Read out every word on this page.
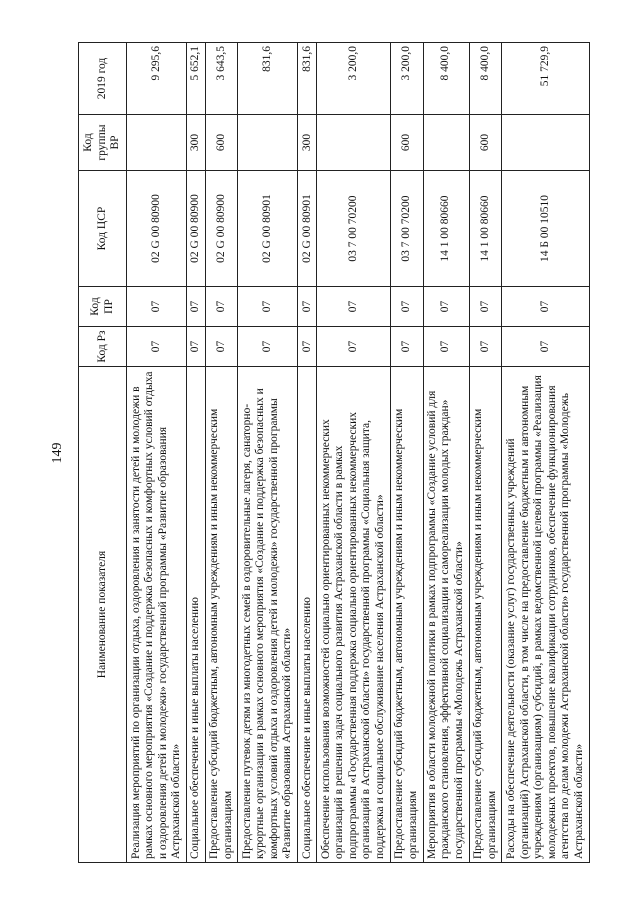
149
Наименование показателя	Код Рз	Код ПР	Код ЦСР	Код группы ВР	2019 год
Реализация мероприятий по организации отдыха, оздоровления и занятости детей и молодежи в рамках основного мероприятия «Создание и поддержка безопасных и комфортных условий отдыха и оздоровления детей и молодежи» государственной программы «Развитие образования Астраханской области»	07	07	02 G 00 80900		9 295,6
Социальное обеспечение и иные выплаты населению	07	07	02 G 00 80900	300	5 652,1
Предоставление субсидий бюджетным, автономным учреждениям и иным некоммерческим организациям	07	07	02 G 00 80900	600	3 643,5
Предоставление путевок детям из многодетных семей в оздоровительные лагеря, санаторно-курортные организации в рамках основного мероприятия «Создание и поддержка безопасных и комфортных условий отдыха и оздоровления детей и молодежи» государственной программы «Развитие образования Астраханской области»	07	07	02 G 00 80901		831,6
Социальное обеспечение и иные выплаты населению	07	07	02 G 00 80901	300	831,6
Обеспечение использования возможностей социально ориентированных некоммерческих организаций в решении задач социального развития Астраханской области в рамках подпрограммы «Государственная поддержка социально ориентированных некоммерческих организаций в Астраханской области» государственной программы «Социальная защита, поддержка и социальное обслуживание населения Астраханской области»	07	07	03 7 00 70200		3 200,0
Предоставление субсидий бюджетным, автономным учреждениям и иным некоммерческим организациям	07	07	03 7 00 70200	600	3 200,0
Мероприятия в области молодежной политики в рамках подпрограммы «Создание условий для гражданского становления, эффективной социализации и самореализации молодых граждан» государственной программы «Молодежь Астраханской области»	07	07	14 1 00 80660		8 400,0
Предоставление субсидий бюджетным, автономным учреждениям и иным некоммерческим организациям	07	07	14 1 00 80660	600	8 400,0
Расходы на обеспечение деятельности (оказание услуг) государственных учреждений (организаций) Астраханской области, в том числе на предоставление бюджетным и автономным учреждениям (организациям) субсидий, в рамках ведомственной целевой программы «Реализация молодежных проектов, повышение квалификации сотрудников, обеспечение функционирования агентства по делам молодежи Астраханской области» государственной программы «Молодежь Астраханской области»	07	07	14 Б 00 10510		51 729,9
